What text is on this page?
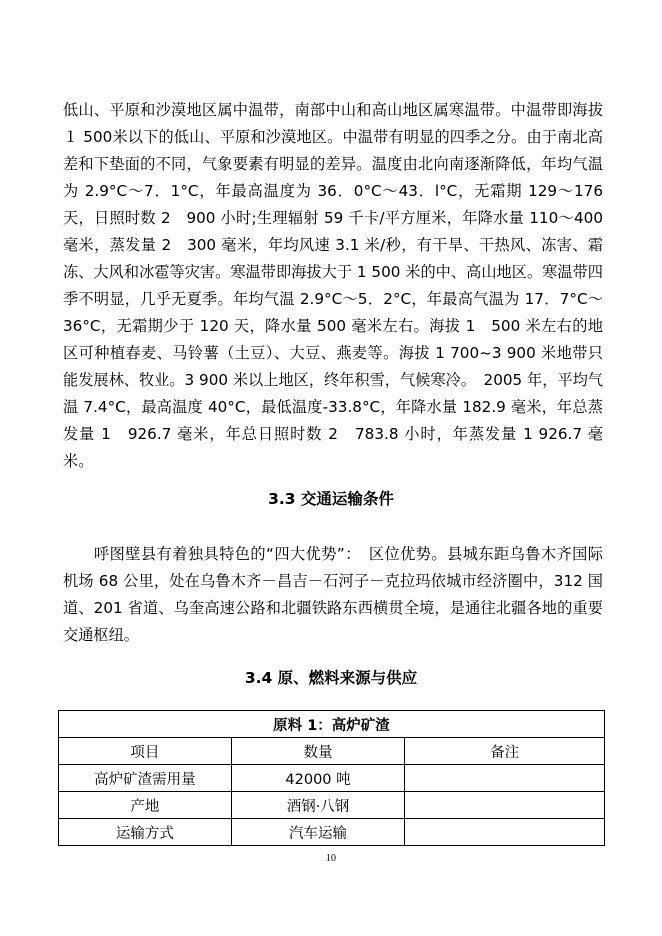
低山、平原和沙漠地区属中温带，南部中山和高山地区属寒温带。中温带即海拔１ 500米以下的低山、平原和沙漠地区。中温带有明显的四季之分。由于南北高差和下垫面的不同，气象要素有明显的差异。温度由北向南逐渐降低，年均气温为 2.9°C～7．1°C，年最高温度为 36．0°C～43．l°C，无霜期 129～176 天，日照时数 2　900 小时;生理辐射 59 千卡/平方厘米，年降水量 110～400 毫米，蒸发量 2　300 毫米，年均风速 3.1 米/秒，有干旱、干热风、冻害、霜冻、大风和冰雹等灾害。寒温带即海拔大于 1 500 米的中、高山地区。寒温带四季不明显，几乎无夏季。年均气温 2.9°C～5．2°C，年最高气温为 17．7°C～36°C，无霜期少于 120 天，降水量 500 毫米左右。海拔 1　500 米左右的地区可种植春麦、马铃薯（土豆）、大豆、燕麦等。海拔 1 700~3 900 米地带只能发展林、牧业。3 900 米以上地区，终年积雪，气候寒冷。　2005 年，平均气温 7.4°C，最高温度 40°C，最低温度-33.8°C，年降水量 182.9 毫米，年总蒸发量 1　926.7 毫米，年总日照时数 2　783.8 小时，年蒸发量 1 926.7 毫米。
3.3 交通运输条件
呼图壁县有着独具特色的“四大优势”：　区位优势。县城东距乌鲁木齐国际机场 68 公里，处在乌鲁木齐－昌吉－石河子－克拉玛依城市经济圈中，312 国道、201 省道、乌奎高速公路和北疆铁路东西横贯全境，是通往北疆各地的重要交通枢纽。
3.4 原、燃料来源与供应
原料 1：高炉矿渣		
项目	数量	备注
高炉矿渣需用量	42000 吨	
产地	酒钢·八钢	
运输方式	汽车运输	
10
